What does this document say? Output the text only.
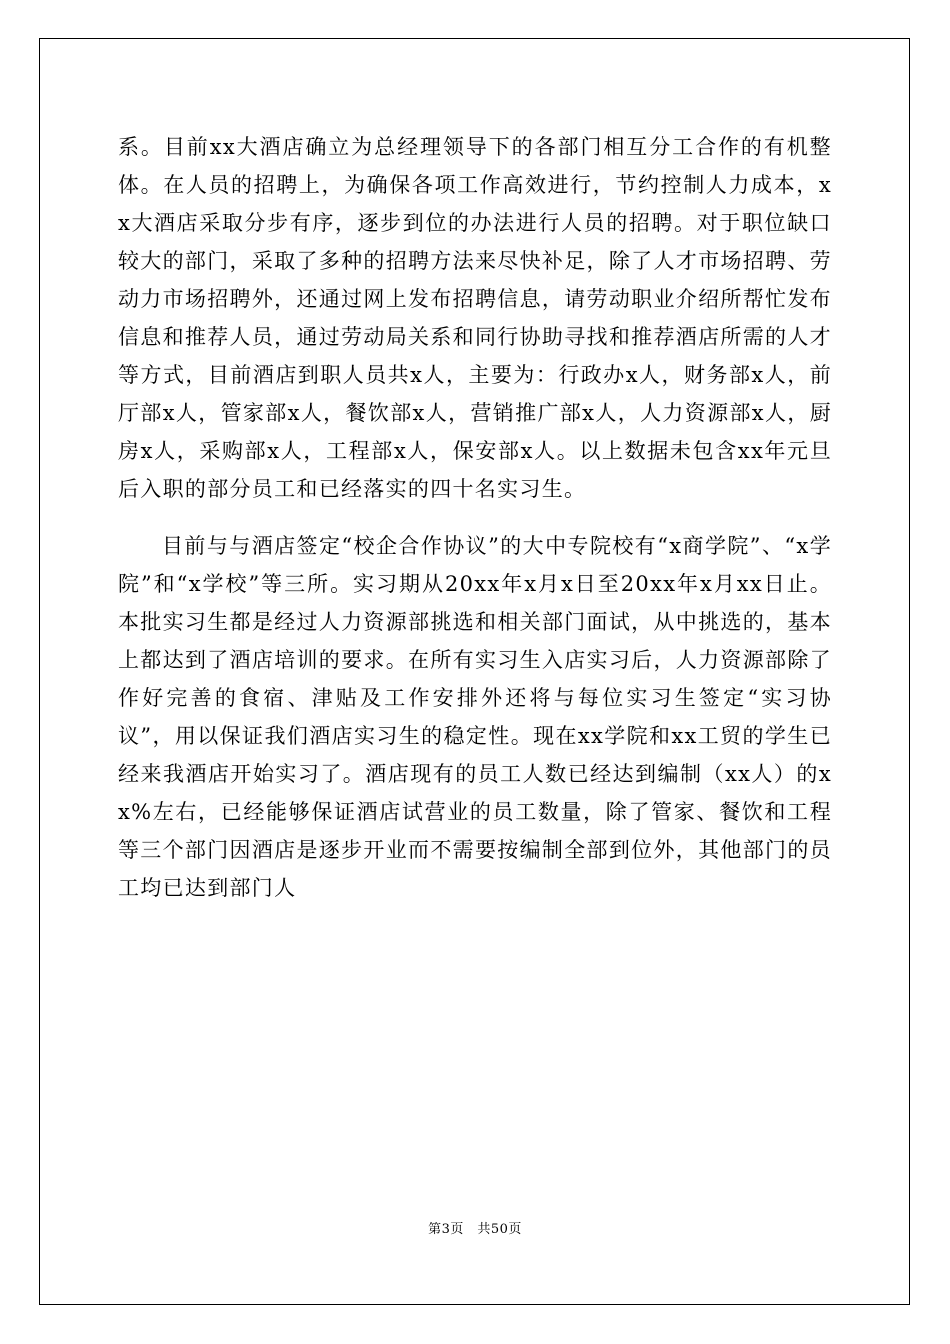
系。目前xx大酒店确立为总经理领导下的各部门相互分工合作的有机整体。在人员的招聘上，为确保各项工作高效进行，节约控制人力成本，xx大酒店采取分步有序，逐步到位的办法进行人员的招聘。对于职位缺口较大的部门，采取了多种的招聘方法来尽快补足，除了人才市场招聘、劳动力市场招聘外，还通过网上发布招聘信息，请劳动职业介绍所帮忙发布信息和推荐人员，通过劳动局关系和同行协助寻找和推荐酒店所需的人才等方式，目前酒店到职人员共x人，主要为：行政办x人，财务部x人，前厅部x人，管家部x人，餐饮部x人，营销推广部x人，人力资源部x人，厨房x人，采购部x人，工程部x人，保安部x人。以上数据未包含xx年元旦后入职的部分员工和已经落实的四十名实习生。

目前与与酒店签定“校企合作协议”的大中专院校有“x商学院”、“x学院”和“x学校”等三所。实习期从20xx年x月x日至20xx年x月xx日止。本批实习生都是经过人力资源部挑选和相关部门面试，从中挑选的，基本上都达到了酒店培训的要求。在所有实习生入店实习后，人力资源部除了作好完善的食宿、津贴及工作安排外还将与每位实习生签定“实习协议”，用以保证我们酒店实习生的稳定性。现在xx学院和xx工贸的学生已经来我酒店开始实习了。酒店现有的员工人数已经达到编制（xx人）的xx%左右，已经能够保证酒店试营业的员工数量，除了管家、餐饮和工程等三个部门因酒店是逐步开业而不需要按编制全部到位外，其他部门的员工均已达到部门人

第3页　共50页
